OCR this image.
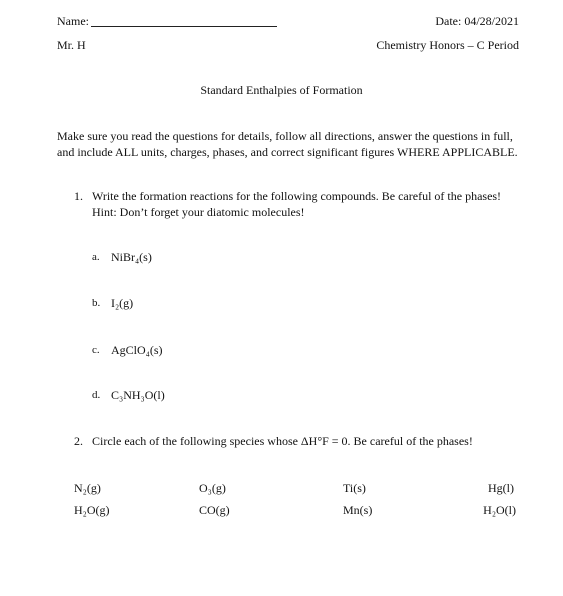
Name:	Date: 04/28/2021
Mr. H	Chemistry Honors – C Period
Standard Enthalpies of Formation
Make sure you read the questions for details, follow all directions, answer the questions in full, and include ALL units, charges, phases, and correct significant figures WHERE APPLICABLE.
1. Write the formation reactions for the following compounds. Be careful of the phases!
Hint: Don’t forget your diatomic molecules!
a. NiBr₄(s)
b. I₂(g)
c. AgClO₄(s)
d. C₃NH₃O(l)
2. Circle each of the following species whose ΔH°F = 0. Be careful of the phases!
N₂(g)	O₃(g)	Ti(s)	Hg(l)
H₂O(g)	CO(g)	Mn(s)	H₂O(l)
